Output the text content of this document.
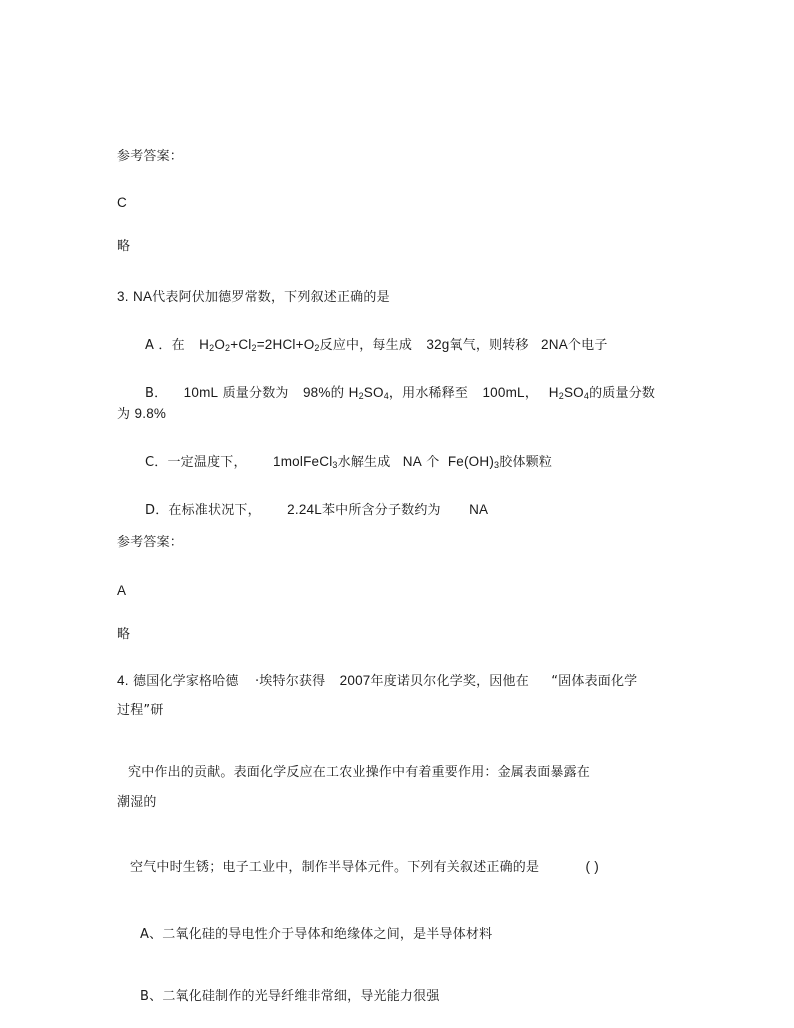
参考答案：
C
略
3. NA代表阿伏加德罗常数，下列叙述正确的是
A ．在 $H_2O_2+Cl_2=2HCl+O_2$反应中，每生成 32g氧气，则转移 2NA个电子
B． 10mL 质量分数为 98%的 $H_2SO_4$，用水稀释至 100mL， $H_2SO_4$的质量分数
为 9.8%
C．一定温度下， 1molFeCl$_3$水解生成 NA 个 $Fe(OH)_3$胶体颗粒
D．在标准状况下， 2.24L苯中所含分子数约为 NA
参考答案：
A
略
4. 德国化学家格哈德 ·埃特尔获得 2007年度诺贝尔化学奖，因他在 “固体表面化学
过程”研
究中作出的贡献。表面化学反应在工农业操作中有着重要作用：金属表面暴露在
潮湿的
空气中时生锈；电子工业中，制作半导体元件。下列有关叙述正确的是	( )
A、二氧化硅的导电性介于导体和绝缘体之间，是半导体材料
B、二氧化硅制作的光导纤维非常细，导光能力很强
